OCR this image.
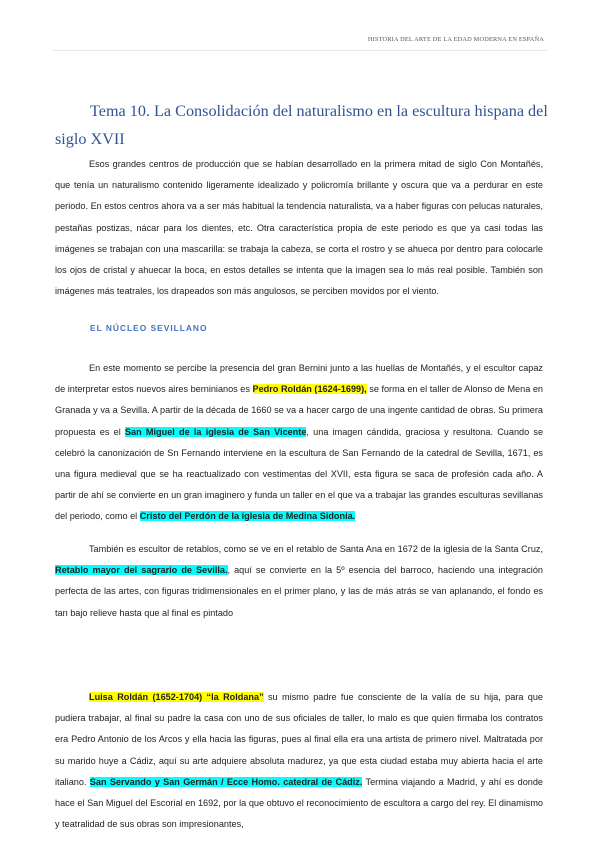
HISTORIA DEL ARTE DE LA EDAD MODERNA EN ESPAÑA
Tema 10. La Consolidación del naturalismo en la escultura hispana del siglo XVII

Esos grandes centros de producción que se habían desarrollado en la primera mitad de siglo Con Montañés, que tenía un naturalismo contenido ligeramente idealizado y policromía brillante y oscura que va a perdurar en este periodo. En estos centros ahora va a ser más habitual la tendencia naturalista, va a haber figuras con pelucas naturales, pestañas postizas, nácar para los dientes, etc. Otra característica propia de este periodo es que ya casi todas las imágenes se trabajan con una mascarilla: se trabaja la cabeza, se corta el rostro y se ahueca por dentro para colocarle los ojos de cristal y ahuecar la boca, en estos detalles se intenta que la imagen sea lo más real posible. También son imágenes más teatrales, los drapeados son más angulosos, se perciben movidos por el viento.

EL NÚCLEO SEVILLANO

En este momento se percibe la presencia del gran Bernini junto a las huellas de Montañés, y el escultor capaz de interpretar estos nuevos aires berninianos es Pedro Roldán (1624-1699), se forma en el taller de Alonso de Mena en Granada y va a Sevilla. A partir de la década de 1660 se va a hacer cargo de una ingente cantidad de obras. Su primera propuesta es el San Miguel de la iglesia de San Vicente, una imagen cándida, graciosa y resultona. Cuando se celebró la canonización de Sn Fernando interviene en la escultura de San Fernando de la catedral de Sevilla, 1671, es una figura medieval que se ha reactualizado con vestimentas del XVII, esta figura se saca de profesión cada año. A partir de ahí se convierte en un gran imaginero y funda un taller en el que va a trabajar las grandes esculturas sevillanas del periodo, como el Cristo del Perdón de la iglesia de Medina Sidonia.

También es escultor de retablos, como se ve en el retablo de Santa Ana en 1672 de la iglesia de la Santa Cruz, Retablo mayor del sagrario de Sevilla., aquí se convierte en la 5º esencia del barroco, haciendo una integración perfecta de las artes, con figuras tridimensionales en el primer plano, y las de más atrás se van aplanando, el fondo es tan bajo relieve hasta que al final es pintado

Luisa Roldán (1652-1704) “la Roldana” su mismo padre fue consciente de la valía de su hija, para que pudiera trabajar, al final su padre la casa con uno de sus oficiales de taller, lo malo es que quien firmaba los contratos era Pedro Antonio de los Arcos y ella hacia las figuras, pues al final ella era una artista de primero nivel. Maltratada por su marido huye a Cádiz, aquí su arte adquiere absoluta madurez, ya que esta ciudad estaba muy abierta hacia el arte italiano. San Servando y San Germán / Ecce Homo. catedral de Cádiz. Termina viajando a Madrid, y ahí es donde hace el San Miguel del Escorial en 1692, por la que obtuvo el reconocimiento de escultora a cargo del rey. El dinamismo y teatralidad de sus obras son impresionantes,
